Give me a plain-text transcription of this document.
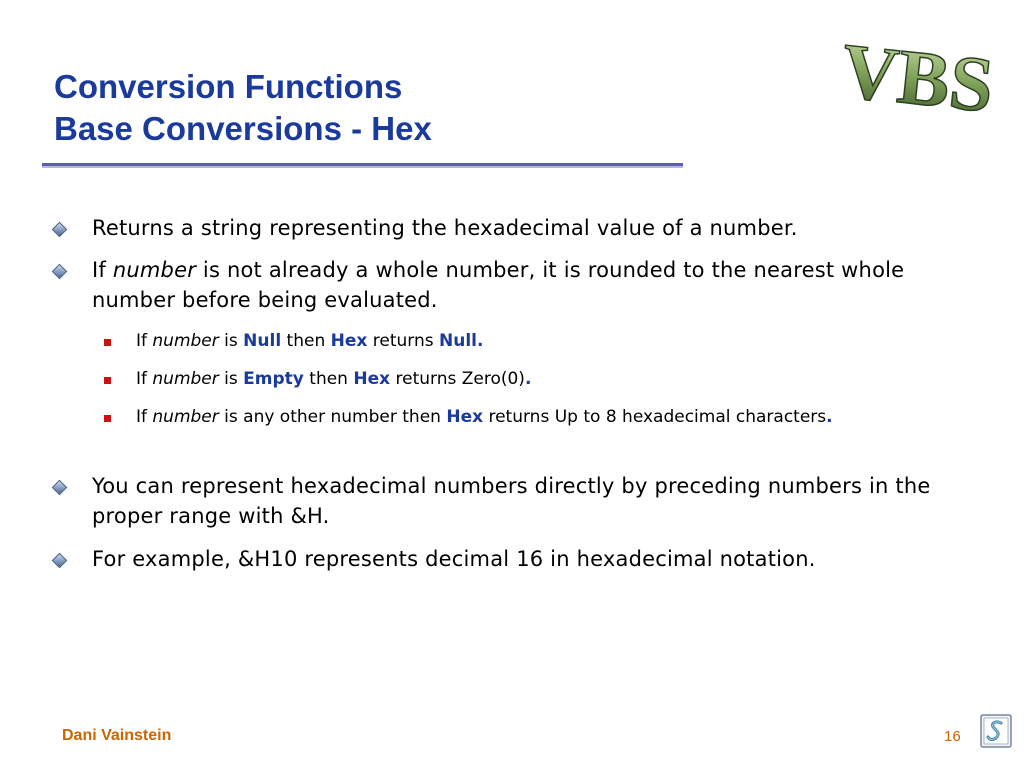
Conversion Functions
Base Conversions - Hex	VBS
Returns a string representing the hexadecimal value of a number.
If number is not already a whole number, it is rounded to the nearest whole number before being evaluated.
If number is Null then Hex returns Null.
If number is Empty then Hex returns Zero(0).
If number is any other number then Hex returns Up to 8 hexadecimal characters.
You can represent hexadecimal numbers directly by preceding numbers in the proper range with &H.
For example, &H10 represents decimal 16 in hexadecimal notation.
Dani Vainstein	16
